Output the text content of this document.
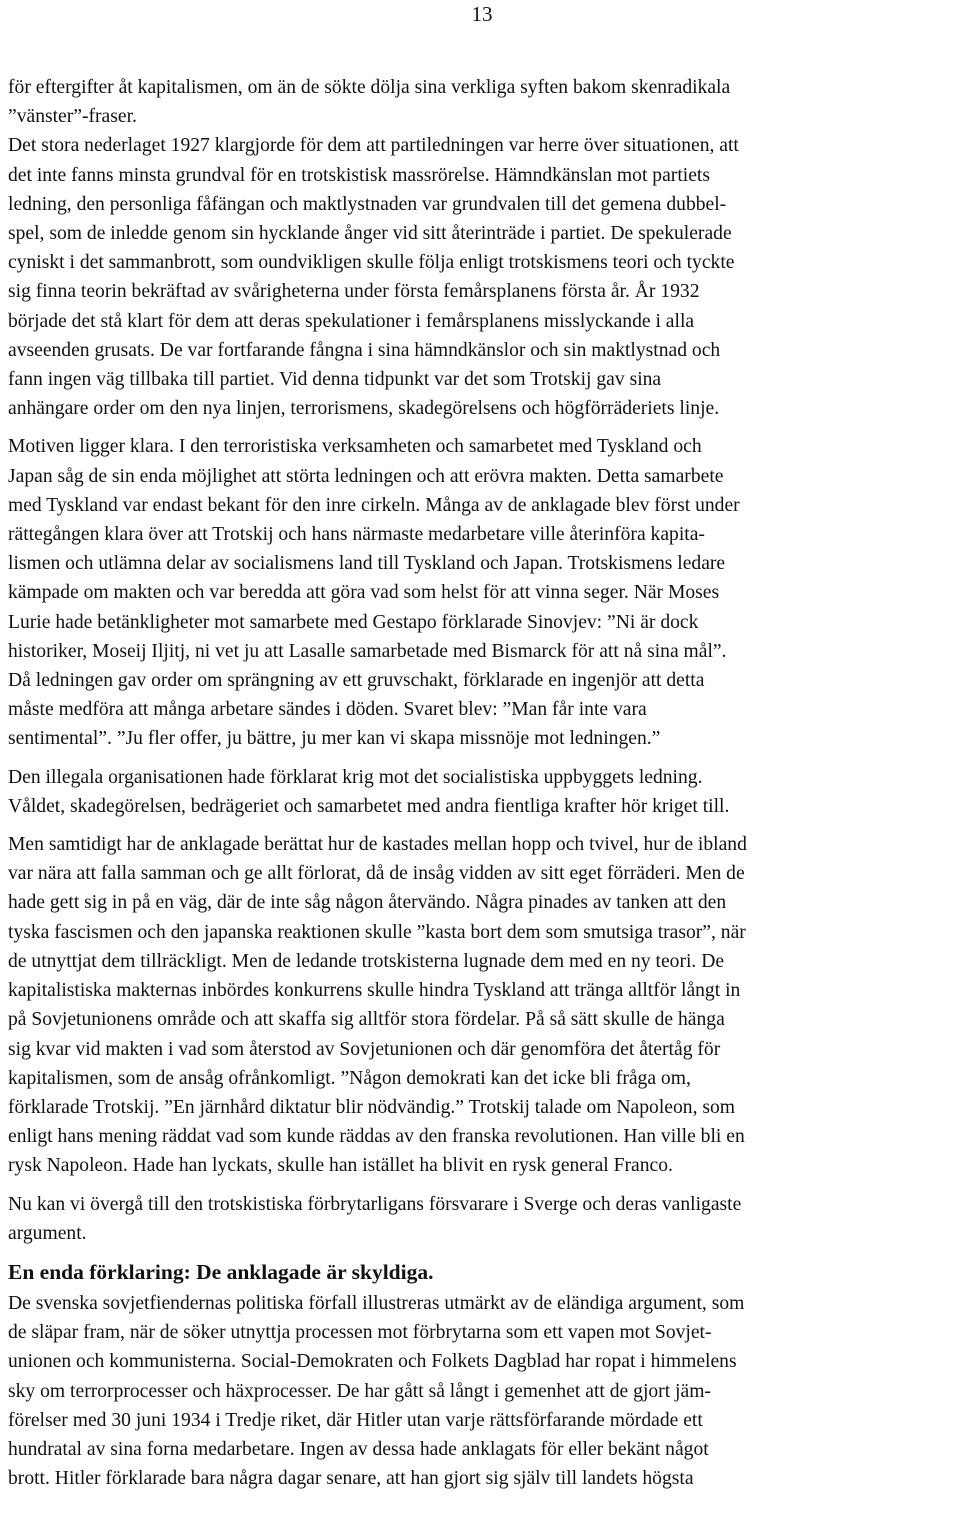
13

för eftergifter åt kapitalismen, om än de sökte dölja sina verkliga syften bakom skenradikala
”vänster”-fraser.
Det stora nederlaget 1927 klargjorde för dem att partiledningen var herre över situationen, att
det inte fanns minsta grundval för en trotskistisk massrörelse. Hämndkänslan mot partiets
ledning, den personliga fåfängan och maktlystnaden var grundvalen till det gemena dubbel-
spel, som de inledde genom sin hycklande ånger vid sitt återinträde i partiet. De spekulerade
cyniskt i det sammanbrott, som oundvikligen skulle följa enligt trotskismens teori och tyckte
sig finna teorin bekräftad av svårigheterna under första femårsplanens första år. År 1932
började det stå klart för dem att deras spekulationer i femårsplanens misslyckande i alla
avseenden grusats. De var fortfarande fångna i sina hämndkänslor och sin maktlystnad och
fann ingen väg tillbaka till partiet. Vid denna tidpunkt var det som Trotskij gav sina
anhängare order om den nya linjen, terrorismens, skadegörelsens och högförräderiets linje.

Motiven ligger klara. I den terroristiska verksamheten och samarbetet med Tyskland och
Japan såg de sin enda möjlighet att störta ledningen och att erövra makten. Detta samarbete
med Tyskland var endast bekant för den inre cirkeln. Många av de anklagade blev först under
rättegången klara över att Trotskij och hans närmaste medarbetare ville återinföra kapita-
lismen och utlämna delar av socialismens land till Tyskland och Japan. Trotskismens ledare
kämpade om makten och var beredda att göra vad som helst för att vinna seger. När Moses
Lurie hade betänkligheter mot samarbete med Gestapo förklarade Sinovjev: ”Ni är dock
historiker, Moseij Iljitj, ni vet ju att Lasalle samarbetade med Bismarck för att nå sina mål”.
Då ledningen gav order om sprängning av ett gruvschakt, förklarade en ingenjör att detta
måste medföra att många arbetare sändes i döden. Svaret blev: ”Man får inte vara
sentimental”. ”Ju fler offer, ju bättre, ju mer kan vi skapa missnöje mot ledningen.”

Den illegala organisationen hade förklarat krig mot det socialistiska uppbyggets ledning.
Våldet, skadegörelsen, bedrägeriet och samarbetet med andra fientliga krafter hör kriget till.

Men samtidigt har de anklagade berättat hur de kastades mellan hopp och tvivel, hur de ibland
var nära att falla samman och ge allt förlorat, då de insåg vidden av sitt eget förräderi. Men de
hade gett sig in på en väg, där de inte såg någon återvändo. Några pinades av tanken att den
tyska fascismen och den japanska reaktionen skulle ”kasta bort dem som smutsiga trasor”, när
de utnyttjat dem tillräckligt. Men de ledande trotskisterna lugnade dem med en ny teori. De
kapitalistiska makternas inbördes konkurrens skulle hindra Tyskland att tränga alltför långt in
på Sovjetunionens område och att skaffa sig alltför stora fördelar. På så sätt skulle de hänga
sig kvar vid makten i vad som återstod av Sovjetunionen och där genomföra det återtåg för
kapitalismen, som de ansåg ofrånkomligt. ”Någon demokrati kan det icke bli fråga om,
förklarade Trotskij. ”En järnhård diktatur blir nödvändig.” Trotskij talade om Napoleon, som
enligt hans mening räddat vad som kunde räddas av den franska revolutionen. Han ville bli en
rysk Napoleon. Hade han lyckats, skulle han istället ha blivit en rysk general Franco.

Nu kan vi övergå till den trotskistiska förbrytarligans försvarare i Sverge och deras vanligaste
argument.

En enda förklaring: De anklagade är skyldiga.

De svenska sovjetfiendernas politiska förfall illustreras utmärkt av de eländiga argument, som
de släpar fram, när de söker utnyttja processen mot förbrytarna som ett vapen mot Sovjet-
unionen och kommunisterna. Social-Demokraten och Folkets Dagblad har ropat i himmelens
sky om terrorprocesser och häxprocesser. De har gått så långt i gemenhet att de gjort jäm-
förelser med 30 juni 1934 i Tredje riket, där Hitler utan varje rättsförfarande mördade ett
hundratal av sina forna medarbetare. Ingen av dessa hade anklagats för eller bekänt något
brott. Hitler förklarade bara några dagar senare, att han gjort sig själv till landets högsta
